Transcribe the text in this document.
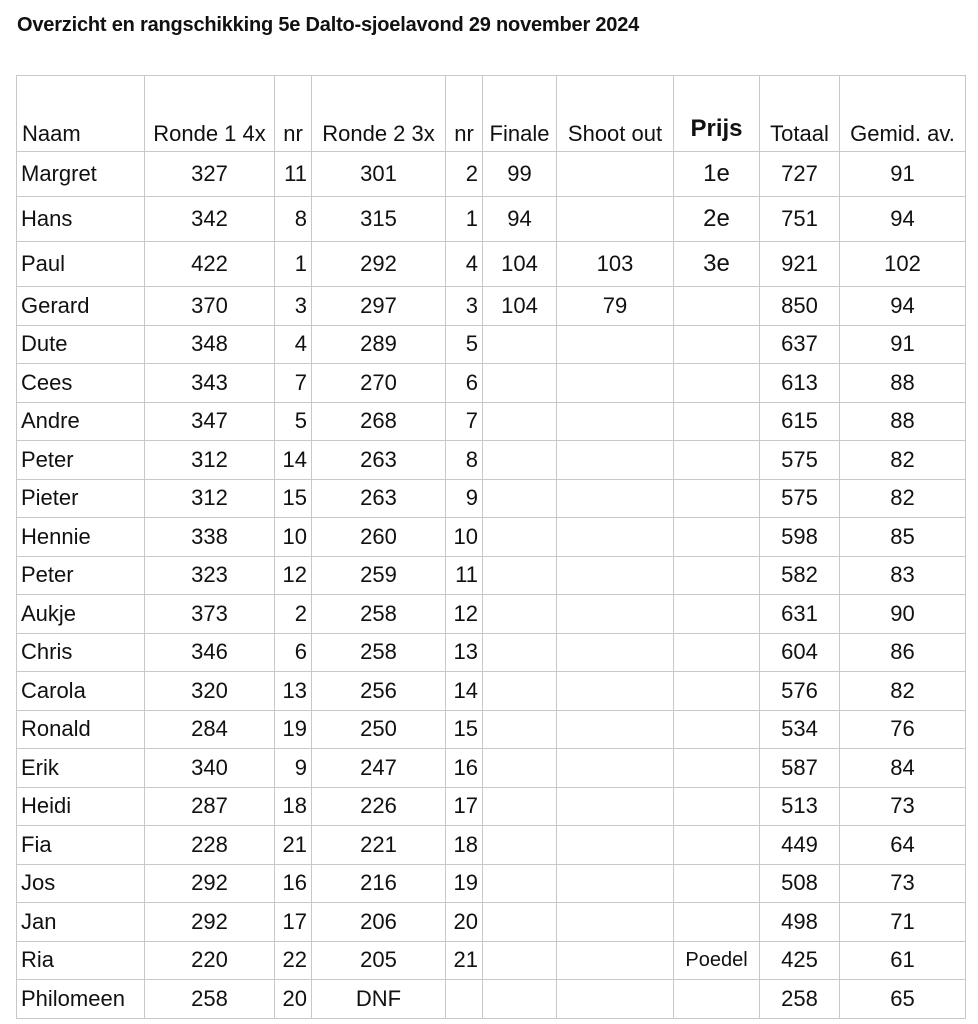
Overzicht en rangschikking 5e Dalto-sjoelavond 29 november 2024
Naam	Ronde 1 4x	nr	Ronde 2 3x	nr	Finale	Shoot out	Prijs	Totaal	Gemid. av.
Margret	327	11	301	2	99		1e	727	91
Hans	342	8	315	1	94		2e	751	94
Paul	422	1	292	4	104	103	3e	921	102
Gerard	370	3	297	3	104	79		850	94
Dute	348	4	289	5				637	91
Cees	343	7	270	6				613	88
Andre	347	5	268	7				615	88
Peter	312	14	263	8				575	82
Pieter	312	15	263	9				575	82
Hennie	338	10	260	10				598	85
Peter	323	12	259	11				582	83
Aukje	373	2	258	12				631	90
Chris	346	6	258	13				604	86
Carola	320	13	256	14				576	82
Ronald	284	19	250	15				534	76
Erik	340	9	247	16				587	84
Heidi	287	18	226	17				513	73
Fia	228	21	221	18				449	64
Jos	292	16	216	19				508	73
Jan	292	17	206	20				498	71
Ria	220	22	205	21			Poedel	425	61
Philomeen	258	20	DNF					258	65
